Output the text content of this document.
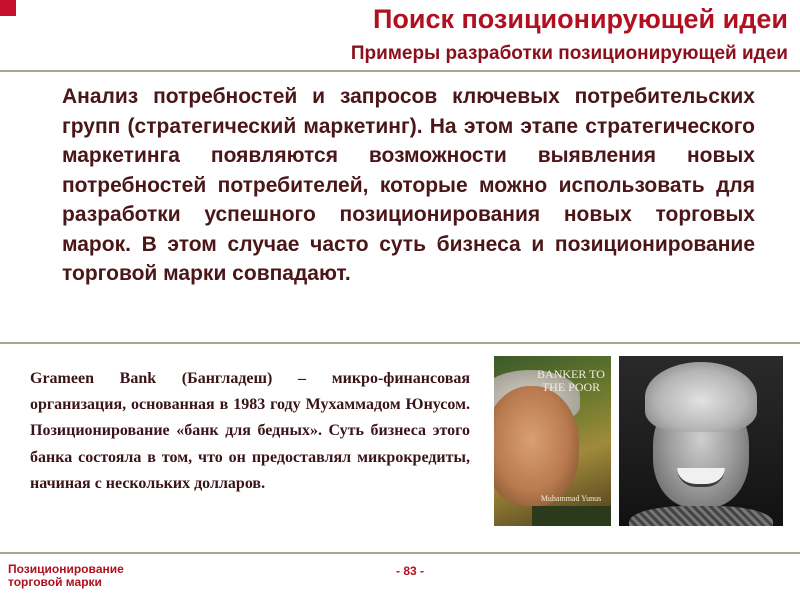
Поиск позиционирующей идеи
Примеры разработки позиционирующей идеи
Анализ потребностей и запросов ключевых потребительских групп (стратегический маркетинг). На этом этапе стратегического маркетинга появляются возможности выявления новых потребностей потребителей, которые можно использовать для разработки успешного позиционирования новых торговых марок. В этом случае часто суть бизнеса и позиционирование торговой марки совпадают.
Grameen Bank (Бангладеш) – микро-финансовая организация, основанная в 1983 году Мухаммадом Юнусом. Позиционирование «банк для бедных». Суть бизнеса этого банка состояла в том, что он предоставлял микрокредиты, начиная с нескольких долларов.
BANKER TO THE POOR
Muhammad Yunus
Позиционировaние
торговой марки
- 83 -
